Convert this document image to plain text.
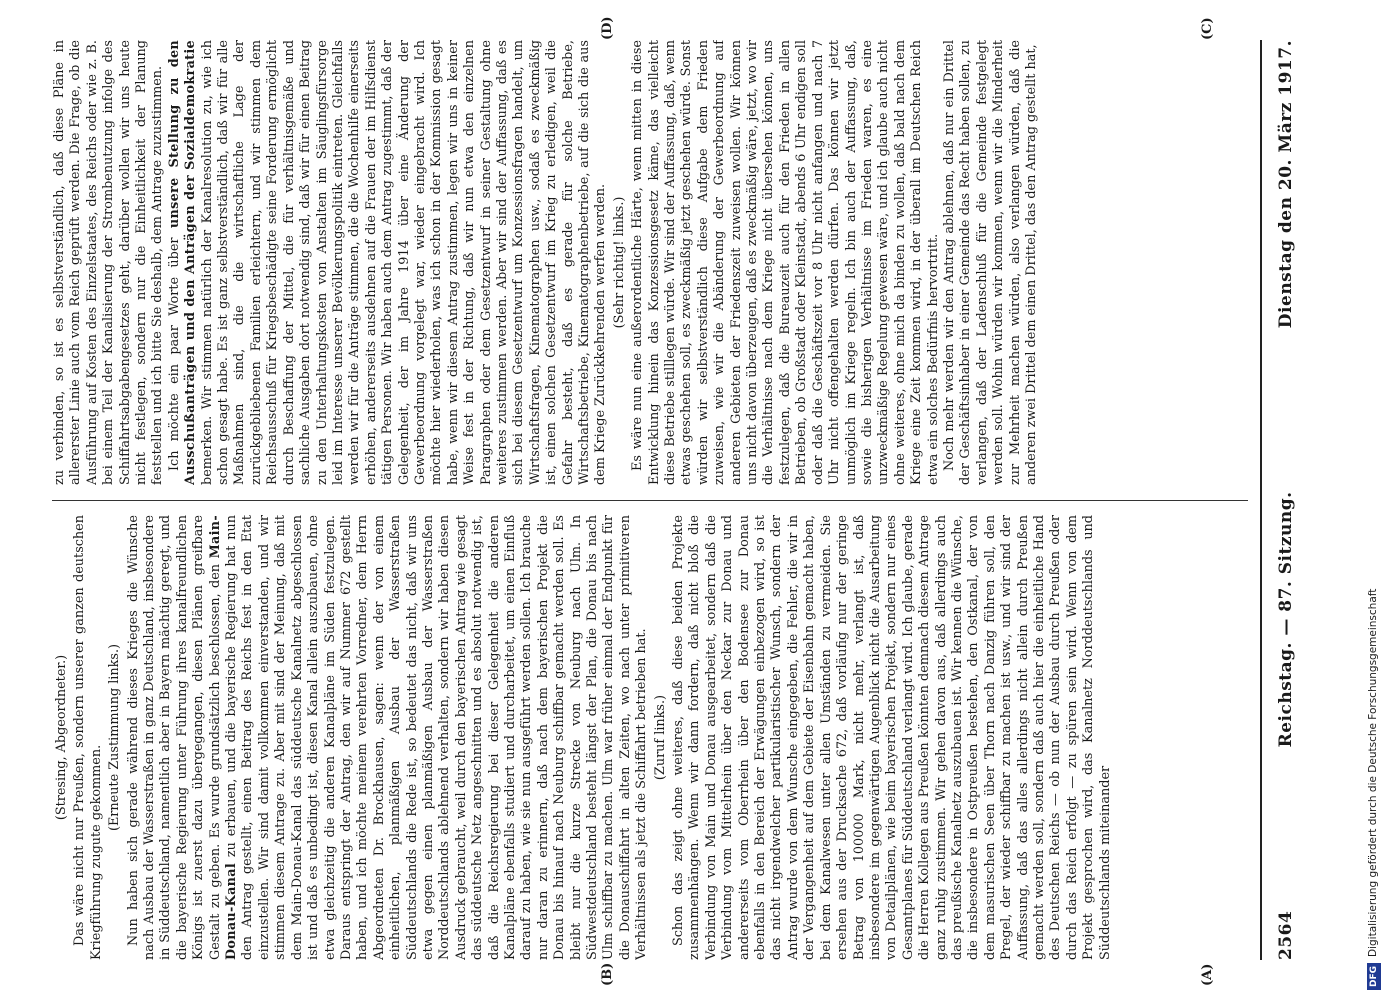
2564
Reichstag. — 87. Sitzung.
Dienstag den 20. März 1917.
(A)
(B)
(C)
(D)

(Stresing, Abgeordneter.) Das wäre nicht nur Preußen, sondern unserer ganzen deutschen Kriegführung zugute gekommen.

(Erneute Zustimmung links.) Nun haben sich gerade während dieses Krieges die Wünsche nach Ausbau der Wasserstraßen in ganz Deutschland, insbesondere in Süddeutschland, namentlich aber in Bayern mächtig geregt, und die bayerische Regierung unter Führung ihres kanalfreundlichen Königs ist zuerst dazu übergegangen, diesen Plänen greifbare Gestalt zu geben. Es wurde grundsätzlich beschlossen, den Main-Donau-Kanal zu erbauen, und die bayerische Regierung hat nun den Antrag gestellt, einen Beitrag des Reichs fest in den Etat einzustellen. Wir sind damit vollkommen einverstanden, und wir stimmen diesem Antrage zu. Aber mit sind der Meinung, daß mit dem Main-Donau-Kanal das süddeutsche Kanalnetz abgeschlossen ist und daß es unbedingt ist, diesen Kanal allein auszubauen, ohne etwa gleichzeitig die anderen Kanalpläne im Süden festzulegen. Daraus entspringt der Antrag, den wir auf Nummer 672 gestellt haben, und ich möchte meinem verehrten Vorredner, dem Herrn Abgeordneten Dr. Brockhausen, sagen: wenn der von einem einheitlichen, planmäßigen Ausbau der Wasserstraßen Süddeutschlands die Rede ist, so bedeutet das nicht, daß wir uns etwa gegen einen planmäßigen Ausbau der Wasserstraßen Norddeutschlands ablehnend verhalten, sondern wir haben diesen Ausdruck gebraucht, weil durch den bayerischen Antrag wie gesagt das süddeutsche Netz angeschnitten und es absolut notwendig ist, daß die Reichsregierung bei dieser Gelegenheit die anderen Kanalpläne ebenfalls studiert und durcharbeitet, um einen Einfluß darauf zu haben, wie sie nun ausgeführt werden sollen. Ich brauche nur daran zu erinnern, daß nach dem bayerischen Projekt die Donau bis hinauf nach Neuburg schiffbar gemacht werden soll. Es bleibt nur die kurze Strecke von Neuburg nach Ulm. In Südwestdeutschland besteht längst der Plan, die Donau bis nach Ulm schiffbar zu machen. Ulm war früher einmal der Endpunkt für die Donauschiffahrt in alten Zeiten, wo nach unter primitiveren Verhältnissen als jetzt die Schiffahrt betrieben hat. (Zuruf links.) Schon das zeigt ohne weiteres, daß diese beiden Projekte zusammenhängen. Wenn wir dann fordern, daß nicht bloß die Verbindung von Main und Donau ausgearbeitet, sondern daß die Verbindung vom Mittelrhein über den Neckar zur Donau und andererseits vom Oberrhein über den Bodensee zur Donau ebenfalls in den Bereich der Erwägungen einbezogen wird, so ist das nicht irgendwelcher partikularistischer Wunsch, sondern der Antrag wurde von dem Wunsche eingegeben, die Fehler, die wir in der Vergangenheit auf dem Gebiete der Eisenbahn gemacht haben, bei dem Kanalwesen unter allen Umständen zu vermeiden. Sie ersehen aus der Drucksache 672, daß vorläufig nur der geringe Betrag von 100000 Mark, nicht mehr, verlangt ist, daß insbesondere im gegenwärtigen Augenblick nicht die Ausarbeitung von Detailplänen, wie beim bayerischen Projekt, sondern nur eines Gesamtplanes für Süddeutschland verlangt wird. Ich glaube, gerade die Herren Kollegen aus Preußen könnten demnach diesem Antrage ganz ruhig zustimmen. Wir gehen davon aus, daß allerdings auch das preußische Kanalnetz auszubauen ist. Wir kennen die Wünsche, die insbesondere in Ostpreußen bestehen, den Ostkanal, der von dem masurischen Seen über Thorn nach Danzig führen soll, den Pregel, der wieder schiffbar zu machen ist usw., und wir sind der Auffassung, daß das alles allerdings nicht allein durch Preußen gemacht werden soll, sondern daß auch hier die einheitliche Hand des Deutschen Reichs — ob nun der Ausbau durch Preußen oder durch das Reich erfolgt — zu spüren sein wird. Wenn von dem Projekt gesprochen wird, das Kanalnetz Norddeutschlands und Süddeutschlands miteinander

zu verbinden, so ist es selbstverständlich, daß diese Pläne in allererster Linie auch vom Reich geprüft werden. Die Frage, ob die Ausführung auf Kosten des Einzelstaates, des Reichs oder wie z. B. bei einem Teil der Kanalisierung der Strombenutzung infolge des Schiffahrtsabgabengesetzes geht, darüber wollen wir uns heute nicht festlegen, sondern nur die Einheitlichkeit der Planung feststellen und ich bitte Sie deshalb, dem Antrage zuzustimmen. Ich möchte ein paar Worte über unsere Stellung zu den Ausschußanträgen und den Anträgen der Sozialdemokratie bemerken. Wir stimmen natürlich der Kanalresolution zu, wie ich schon gesagt habe. Es ist ganz selbstverständlich, daß wir für alle Maßnahmen sind, die die wirtschaftliche Lage der zurückgebliebenen Familien erleichtern, und wir stimmen dem Reichsausschuß für Kriegsbeschädigte seine Forderung ermöglicht durch Beschaffung der Mittel, die für verhältnisgemäße und sachliche Ausgaben dort notwendig sind, daß wir für einen Beitrag zu den Unterhaltungskosten von Anstalten im Säuglingsfürsorge leid im Interesse unserer Bevölkerungspolitik eintreten. Gleichfalls werden wir für die Anträge stimmen, die die Wochenhilfe einerseits erhöhen, andererseits ausdehnen auf die Frauen der im Hilfsdienst tätigen Personen. Wir haben auch dem Antrag zugestimmt, daß der Gelegenheit, der im Jahre 1914 über eine Änderung der Gewerbeordnung vorgelegt war, wieder eingebracht wird. Ich möchte hier wiederholen, was ich schon in der Kommission gesagt habe, wenn wir diesem Antrag zustimmen, legen wir uns in keiner Weise fest in der Richtung, daß wir nun etwa den einzelnen Paragraphen oder dem Gesetzentwurf in seiner Gestaltung ohne weiteres zustimmen werden. Aber wir sind der Auffassung, daß es sich bei diesem Gesetzentwurf um Konzessionsfragen handelt, um Wirtschaftsfragen, Kinematographen usw., sodaß es zweckmäßig ist, einen solchen Gesetzentwurf im Krieg zu erledigen, weil die Gefahr besteht, daß es gerade für solche Betriebe, Wirtschaftsbetriebe, Kinematographenbetriebe, auf die sich die aus dem Kriege Zurückkehrenden werfen werden. (Sehr richtig! links.) Es wäre nun eine außerordentliche Härte, wenn mitten in diese Entwicklung hinein das Konzessionsgesetz käme, das vielleicht diese Betriebe stilllegen würde. Wir sind der Auffassung, daß, wenn etwas geschehen soll, es zweckmäßig jetzt geschehen würde. Sonst würden wir selbstverständlich diese Aufgabe dem Frieden zuweisen, wie wir die Abänderung der Gewerbeordnung auf anderen Gebieten der Friedenszeit zuweisen wollen. Wir können uns nicht davon überzeugen, daß es zweckmäßig wäre, jetzt, wo wir die Verhältnisse nach dem Kriege nicht übersehen können, uns festzulegen, daß die Bureauzeit auch für den Frieden in allen Betrieben, ob Großstadt oder Kleinstadt, abends 6 Uhr endigen soll oder daß die Geschäftszeit vor 8 Uhr nicht anfangen und nach 7 Uhr nicht offengehalten werden dürfen. Das können wir jetzt unmöglich im Kriege regeln. Ich bin auch der Auffassung, daß, sowie die bisherigen Verhältnisse im Frieden waren, es eine unzweckmäßige Regelung gewesen wäre, und ich glaube auch nicht ohne weiteres, ohne mich da binden zu wollen, daß bald nach dem Kriege eine Zeit kommen wird, in der überall im Deutschen Reich etwa ein solches Bedürfnis hervortritt. Noch mehr werden wir den Antrag ablehnen, daß nur ein Drittel der Geschäftsinhaber in einer Gemeinde das Recht haben sollen, zu verlangen, daß der Ladenschluß für die Gemeinde festgelegt werden soll. Wohin würden wir kommen, wenn wir die Minderheit zur Mehrheit machen würden, also verlangen würden, daß die anderen zwei Drittel dem einen Drittel, das den Antrag gestellt hat,

DFG
Digitalisierung gefördert durch die Deutsche Forschungsgemeinschaft
